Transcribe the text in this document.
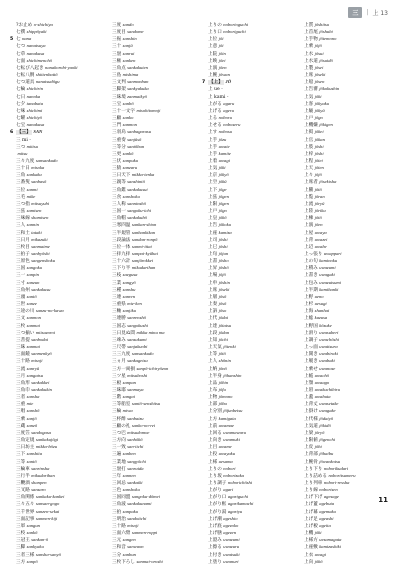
三	| 上 13
?お止め o-shichiya
七撰 shippōyaki
5 七 nana
七つ nanatsuya
七草 nanakusa
七面 shichimenchō
七転び八起き nanakorobi-yaoki
七転八倒 shittenbattō
七つ道具 nanatsudōgu
七輪 shichirin
七日 nanoka
七夕 tanabata
七味 shichimi
七曜 shichiyō
七宝 nanakusa
6 【三】 SAN
三 mi -
三つ mittsu
mitsu
三々九度 sansankudo
三十日 misoka
三角 sankaku
三番叟 sanbasō
三位 sanmi
三毛 mike
三つ指 mitsuyubi
三弦 samisen
三味線 shamisen
三人 sannin
三和土 tataki
三日月 mikazuki
三枚目 sanmaime
三拍子 sanbyōshi
三原色 sangenshoku
三国 sangoku
三一 sanpin
三寸 sanzun
三角州 sankakusu
三頭 santō
三世 sanze
三途の川 sanzu-no-kawa
三文 sanmon
三枚 sanmai
三つ揃い mitsuzoroi
三菩提 sanbodai
三昧 zanmai
三面鏡 sanmenkyō
三十路 misoji
三流 sanryū
三月 sangatsu
三角形 sankakkei
三角巾 sankakukin
三者 sansha
三重 mie
三唱 sanshō
三乗 sanjō
三蔵 sanzō
三度笠 sandogasa
三角定規 sankakujōgi
三日坊主 mikka-bōzu
三下 sanshita
三等 santō
三輪車 sanrinsha
三行半 mikudarihan
三鞭酒 shanpen
三叉路 sansaro
三角関係 sankaku-kankei
三々五々 sansan-gogo
三千世界 sanzen-sekai
三面記事 sanmen-kiji
三軍 sangun
三校 sankō
三冠王 sankan-ō
三脚 sankyaku
三者三様 sansha-sanyō
三方 sanpō
三度 sando
三度目 sandome
三振 sanshin
三十 sanjū
三塁 sanrui
三権 sanken
三角点 sankakuten
三島 mishima
三文判 sanmonban
三脚架 sankyakuka
三昧境 zanmaikyō
三宝 sanbō
三十一文字 misohitomoji
三顧 sanko
三門 sanmon
三羽烏 sanbagarasu
三重奏 sanjūsō
三等分 santōbun
三更 sankō
三伏 sanpuku
三猿 sanzaru
三日天下 mikka-tenka
三親等 sanshintō
三角錐 sankakusui
三食 sanshoku
三人称 sanninshō
三国一 sangoku-ichi
三角帽 sankakubō
三寒四温 sankan-shion
三半規管 sanhankikan
三段論法 sandan-ronpō
三位一体 sanmi-ittai
三拝九拝 sanpai-kyūhai
三十六計 sanjūrokkei
三下り半 mikudarihan
三枝 saegusa
三業 sangyō
三種 sanshu
三連 sanren
三重県 mie-ken
三軸 sanjiku
三連勝 sanrenshō
三国志 sangokushi
三日見ぬ間 mikka minu ma
三竦み sansukumi
三尺帯 sanjakuobi
三三九度 sansankudo
三ヵ月 sankagetsu
三方一両損 sanpō-ichiryōzon
三ツ星 mitsuboshi
三板 sanpan
三昧耶 sanmaya
三階 sangai
三等船室 santō-senshitsu
三輪 miwa
三杯酢 sanbaizu
三顧の礼 sanko-no-rei
三つ巴 mitsudomoe
三方向 sanhōkō
三一致 san-itchi
三遍 sanben
三業地 sangyōchi
三塁打 sanruida
三年 sannen
三回忌 sankaiki
三色 sanshoku
三国同盟 sangoku-dōmei
三角波 sankakunami
三拍 sanpaku
三明治 sandoitchi
三十路 misoji
三面六臂 sanmen-roppi
三元 sangen
三和音 sanwaon
三分 sanbun
三枚下ろし sanmai-oroshi
上りの noborioguchi
上り口 noboriguchi
上位 jōi
上意 jōi
上院 jōin
上映 jōei
上演 jōen
上腕 jōwan
7 【上】 JŌ
上 ue -
上 kami -
上がる agaru
上げる ageru
上る noboru
上せる noboseru
上す nobosu
上手 jōzu
上手 uwate
上手 kamite
上着 uwagi
上気 jōki
上京 jōkyō
上空 jōkū
上下 jōge
上弦 jōgen
上限 jōgen
上戸 jōgo
上皇 jōkō
上告 jōkoku
上座 kamiza
上司 jōshi
上巳 jōshi
上旬 jōjun
上書 jōsho
上昇 jōshō
上場 jōjō
上申 jōshin
上席 jōseki
上層 jōsō
上奏 jōsō
上訴 jōso
上代 jōdai
上達 jōtatsu
上段 jōdan
上知 jōchi
上天気 jōtenki
上等 jōtō
上人 shōnin
上納 jōnō
上半身 jōhanshin
上品 jōhin
上布 jōfu
上物 jōmono
上部 jōbu
上分別 jōfunbetsu
上方 kamigata
上前 uwamae
上回る uwamawaru
上向き uwamuki
上目 uwame
上役 uwayaku
上様 uesama
上りの nobori
上り坂 noborizaka
上り調子 noborichōshi
上がり agari
上がり口 agariguchi
上がり框 agarikamachi
上がり湯 agariyu
上げ潮 ageshio
上げ底 agezoko
上げ膳 agezen
上澄み uwazumi
上擦る uwazuru
上付き uwatsuki
上塗り uwanuri
上質 jōshitsu
上首尾 jōshubi
上手物 jōtemono
上乗 jōjō
上水 jōsui
上水道 jōsuidō
上製 jōsei
上席 jōseki
上船 jōsen
上告審 jōkokushin
上気 jōki
上客 jōkyaku
上級 jōkyū
上戸 jōgo
上機嫌 jōkigen
上掲 jōkei
上官 jōkan
上肢 jōshi
上梓 jōshi
上程 jōtei
上天 jōten
上々 jōjō
上席者 jōsekisha
上騰 jōtō
上覧 jōran
上流 jōryū
上陸 jōriku
上棟 jōtō
上演 jōen
上屋 uwaya
上背 uwazei
上辺 uwabe
上っ張り uwappari
上の句 kaminoku
上積み uwazumi
上書き uwagaki
上包み uwazutsumi
上半期 kamihanki
上野 ueno
上杉 uesugi
上海 shanhai
上総 kazusa
上野国 kōzuke
上滑り uwasuberi
上調子 uwachōshi
上っ面 uwattsura
上開き uwabiraki
上履き uwabaki
上乗せ uwanose
上帳 uwachō
上顎 uwaago
上唇 uwakuchibiru
上蓋 uwabuta
上背丈 uwasetake
上掛け uwagake
上代様 jōdaiyō
上気道 jōkidō
上梁 jōryō
上限値 jōgenchi
上皮 jōhi
上背部 jōhaibu
上腕骨 jōwankotsu
上り下り noborikudari
上り詰める noboritsumeru
上り列車 nobori-ressha
上り線 noborisen
上げ下げ agesage
上げ蓋 agebuta
上げ幕 agemaku
上げ足 ageashi
上げ板 ageita
上機 jōki
上様方 uesamagata
上座敷 kamizashiki
上衣 uwagi
上向 jōkō
11
